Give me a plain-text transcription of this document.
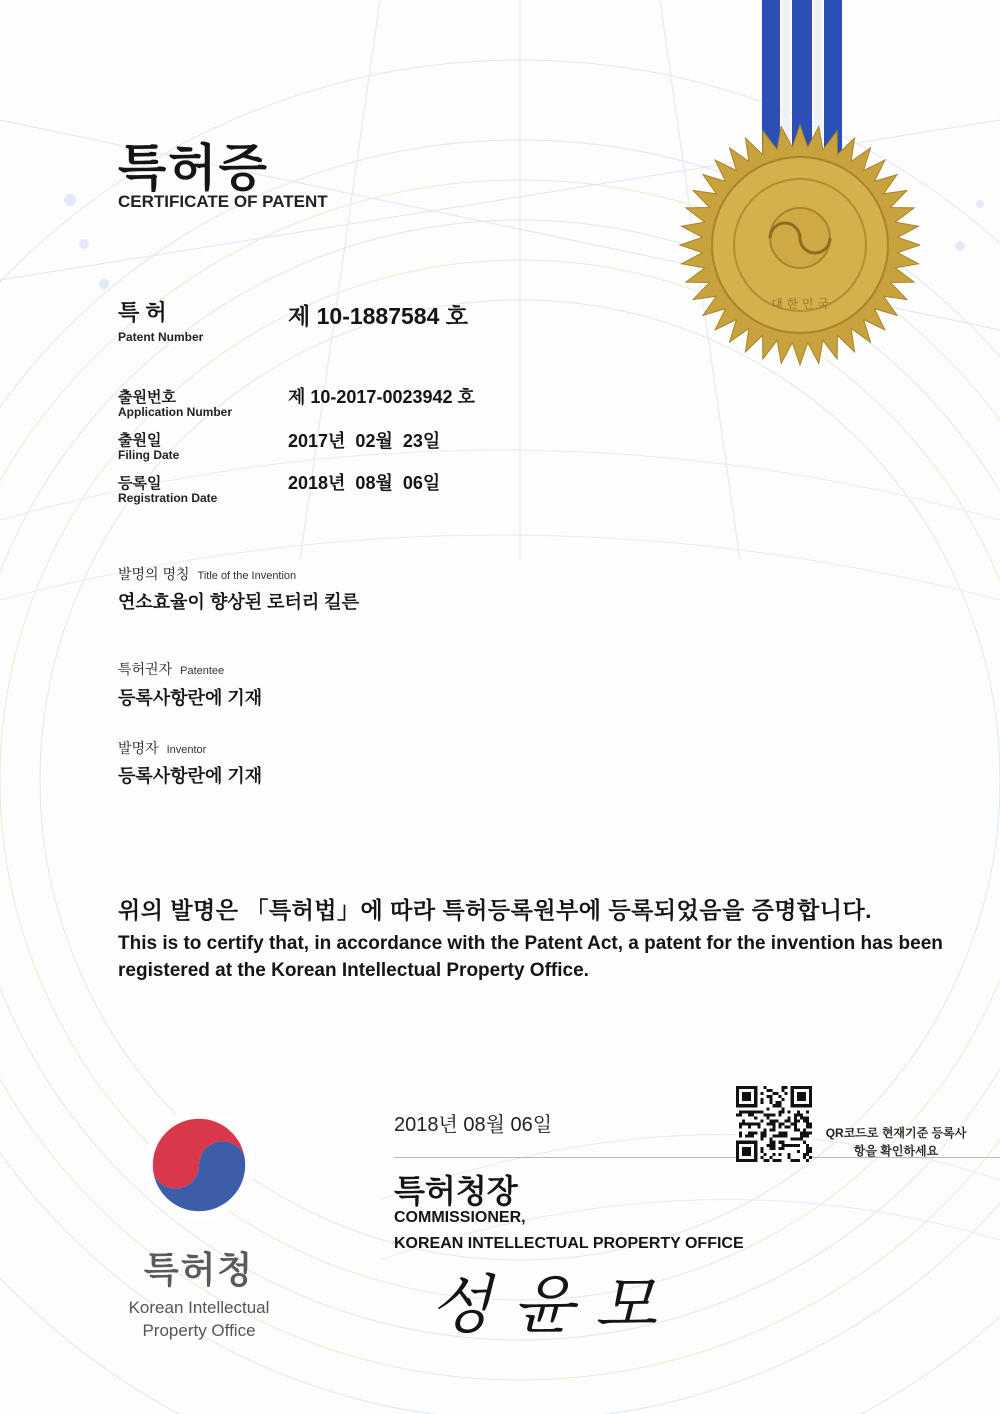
대 한 민 국
특허증
CERTIFICATE OF PATENT
특 허
Patent Number
제 10-1887584 호
출원번호
Application Number
제 10-2017-0023942 호
출원일
Filing Date
2017년  02월  23일
등록일
Registration Date
2018년  08월  06일
발명의 명칭 Title of the Invention
연소효율이 향상된 로터리 킬른
특허권자 Patentee
등록사항란에 기재
발명자 Inventor
등록사항란에 기재
위의 발명은 「특허법」에 따라 특허등록원부에 등록되었음을 증명합니다.
This is to certify that, in accordance with the Patent Act, a patent for the invention has been registered at the Korean Intellectual Property Office.
특허청
Korean Intellectual
Property Office
2018년 08월 06일	QR코드로 현재기준 등록사항을 확인하세요
특허청장
COMMISSIONER,
KOREAN INTELLECTUAL PROPERTY OFFICE
성 윤 모
